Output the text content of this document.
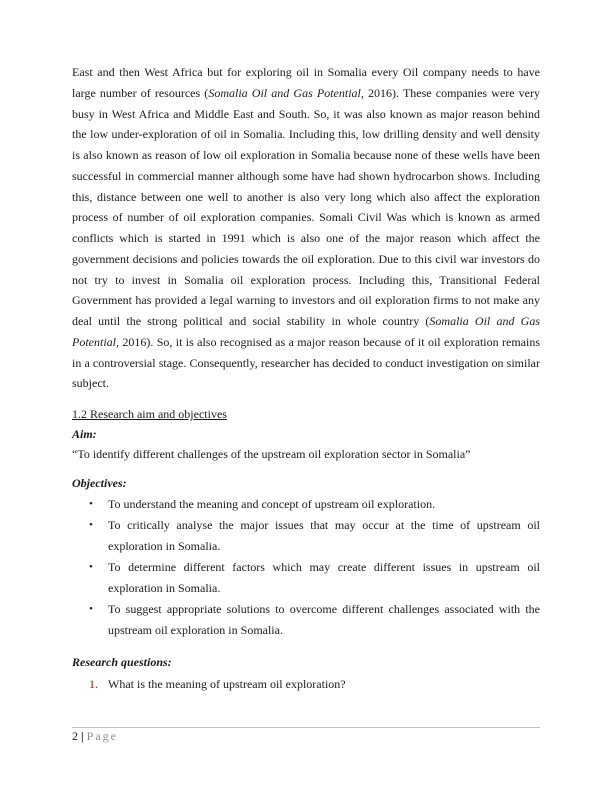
East and then West Africa but for exploring oil in Somalia every Oil company needs to have large number of resources (Somalia Oil and Gas Potential, 2016). These companies were very busy in West Africa and Middle East and South. So, it was also known as major reason behind the low under-exploration of oil in Somalia. Including this, low drilling density and well density is also known as reason of low oil exploration in Somalia because none of these wells have been successful in commercial manner although some have had shown hydrocarbon shows. Including this, distance between one well to another is also very long which also affect the exploration process of number of oil exploration companies. Somali Civil Was which is known as armed conflicts which is started in 1991 which is also one of the major reason which affect the government decisions and policies towards the oil exploration. Due to this civil war investors do not try to invest in Somalia oil exploration process. Including this, Transitional Federal Government has provided a legal warning to investors and oil exploration firms to not make any deal until the strong political and social stability in whole country (Somalia Oil and Gas Potential, 2016). So, it is also recognised as a major reason because of it oil exploration remains in a controversial stage. Consequently, researcher has decided to conduct investigation on similar subject.

1.2 Research aim and objectives

Aim:

“To identify different challenges of the upstream oil exploration sector in Somalia”

Objectives:

• To understand the meaning and concept of upstream oil exploration.
• To critically analyse the major issues that may occur at the time of upstream oil exploration in Somalia.
• To determine different factors which may create different issues in upstream oil exploration in Somalia.
• To suggest appropriate solutions to overcome different challenges associated with the upstream oil exploration in Somalia.

Research questions:

1. What is the meaning of upstream oil exploration?
2 | Page
